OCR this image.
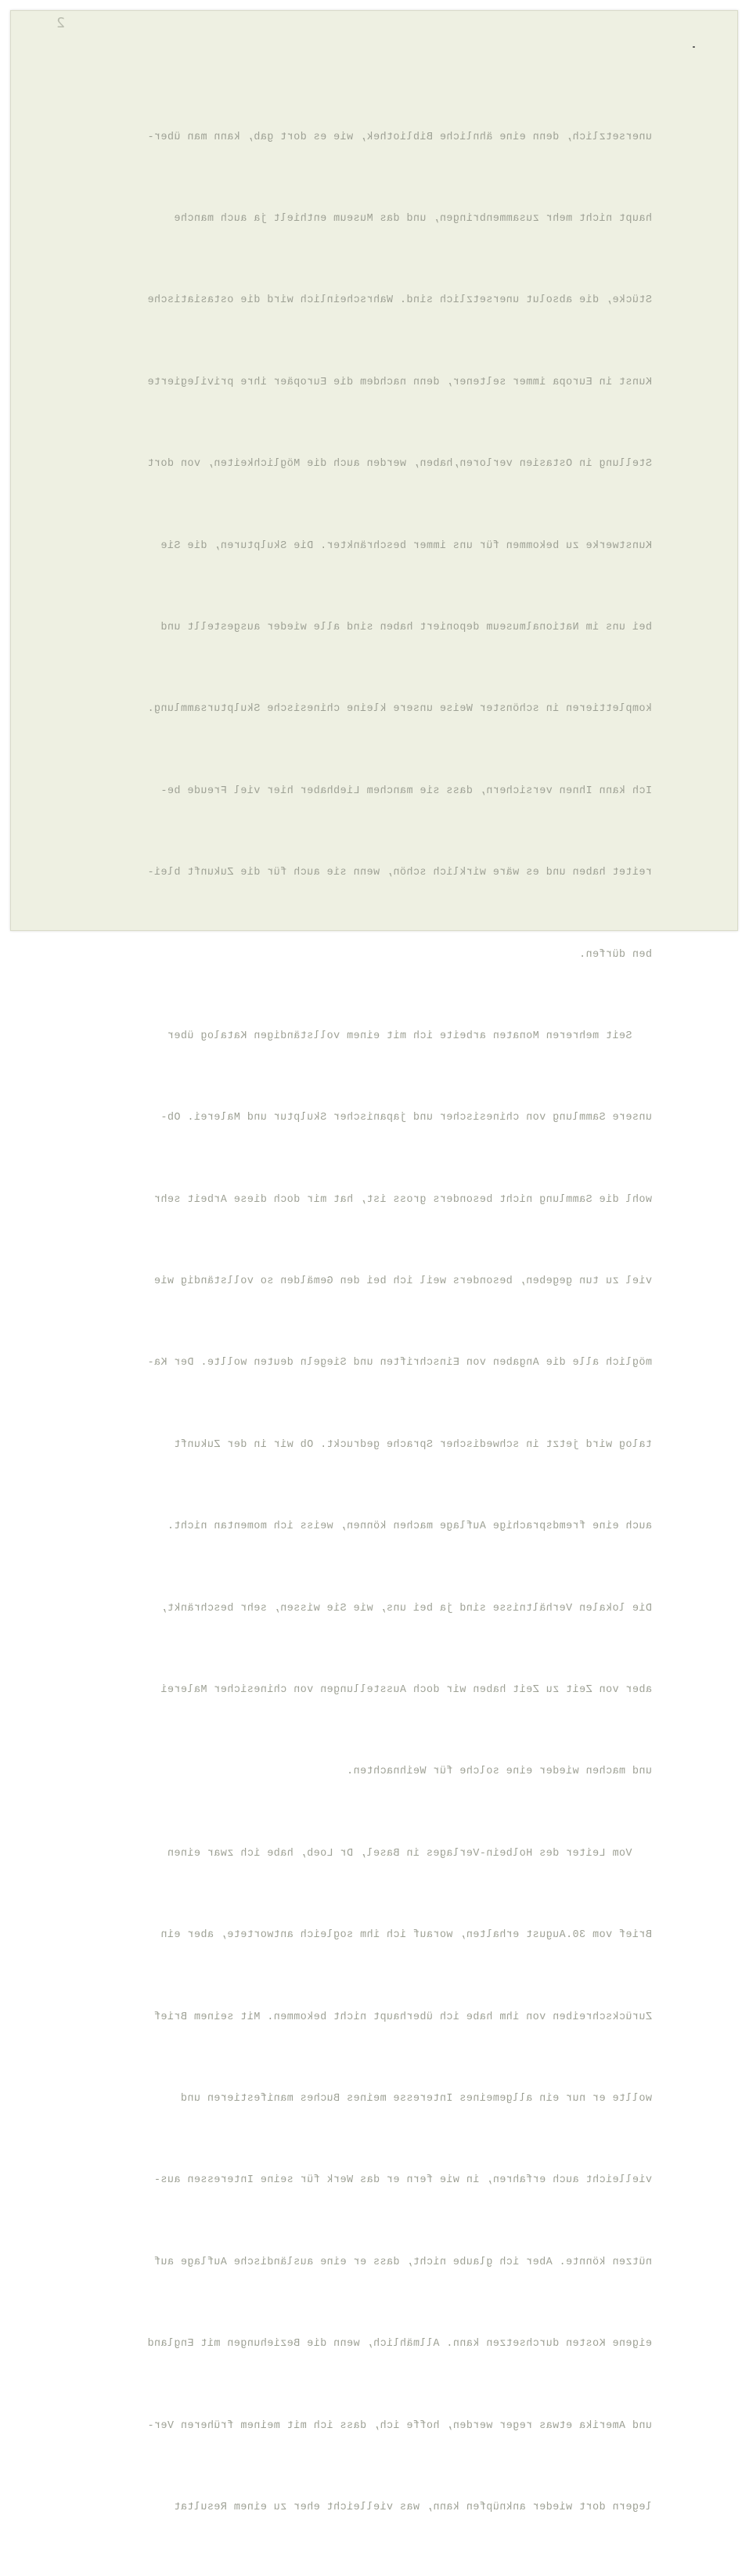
2

unersetzlich, denn eine ähnliche Bibliothek, wie es dort gab, kann man über-

haupt nicht mehr zusammenbringen, und das Museum enthielt ja auch manche

Stücke, die absolut unersetzlich sind. Wahrscheinlich wird die ostasiatische

Kunst in Europa immer seltener, denn nachdem die Europäer ihre privilegierte

Stellung in Ostasien verloren,haben, werden auch die Möglichkeiten, von dort

Kunstwerke zu bekommen für uns immer beschränkter. Die Skulpturen, die Sie

bei uns im Nationalmuseum deponiert haben sind alle wieder ausgestellt und

komplettieren in schönster Weise unsere kleine chinesische Skulptursammlung.

Ich kann Ihnen versichern, dass sie manchem Liebhaber hier viel Freude be-

reitet haben und es wäre wirklich schön, wenn sie auch für die Zukunft blei-

ben dürfen.

Seit mehreren Monaten arbeite ich mit einem vollständigen Katalog über

unsere Sammlung von chinesischer und japanischer Skulptur und Malerei. Ob-

wohl die Sammlung nicht besonders gross ist, hat mir doch diese Arbeit sehr

viel zu tun gegeben, besonders weil ich bei den Gemälden so vollständig wie

möglich alle die Angaben von Einschriften und Siegeln deuten wollte. Der Ka-

talog wird jetzt in schwedischer Sprache gedruckt. Ob wir in der Zukunft

auch eine fremdsprachige Auflage machen können, weiss ich momentan nicht.

Die lokalen Verhältnisse sind ja bei uns, wie Sie wissen, sehr beschränkt,

aber von Zeit zu Zeit haben wir doch Ausstellungen von chinesicher Malerei

und machen wieder eine solche für Weihnachten.

Vom Leiter des Holbein-Verlages in Basel, Dr Loeb, habe ich zwar einen

Brief vom 30.August erhalten, worauf ich ihm sogleich antwortete, aber ein

Zurückschreiben von ihm habe ich überhaupt nicht bekommen. Mit seinem Brief

wollte er nur ein allgemeines Interesse meines Buches manifestieren und

vielleicht auch erfahren, in wie fern er das Werk für seine Interessen aus-

nützen könnte. Aber ich glaube nicht, dass er eine ausländische Auflage auf

eigene Kosten durchsetzen kann. Allmählich, wenn die Beziehungen mit England

und Amerika etwas reger werden, hoffe ich, dass ich mit meinem früheren Ver-

legern dort wieder anknüpfen kann, was vielleicht eher zu einem Resultat
